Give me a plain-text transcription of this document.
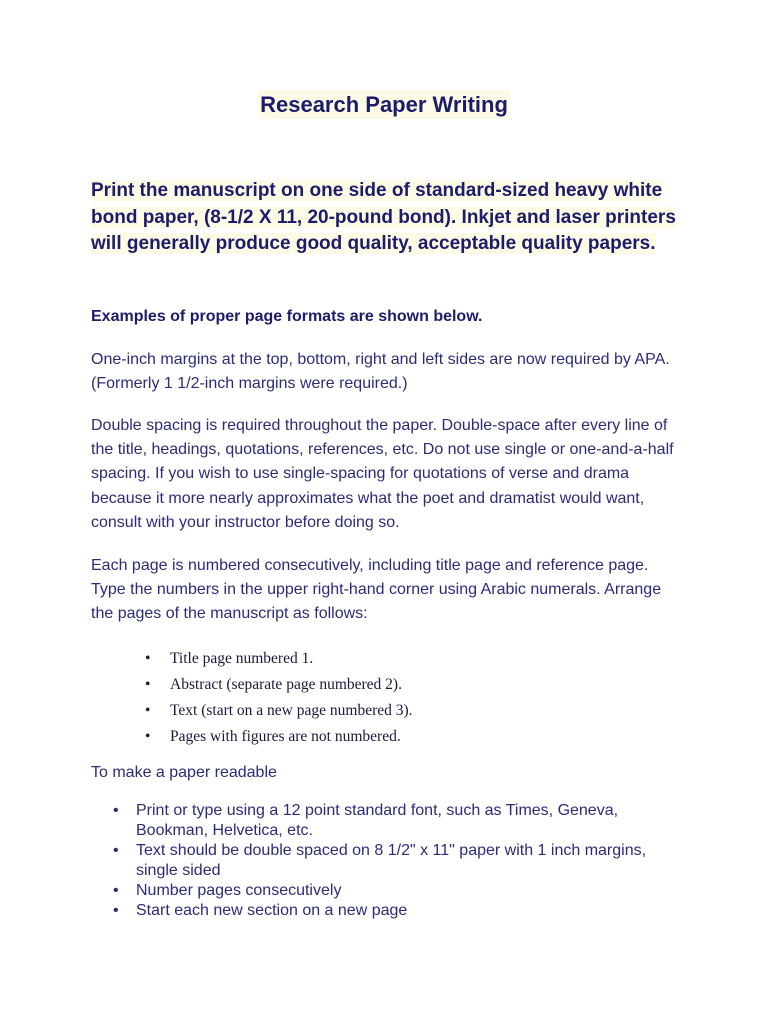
Research Paper Writing

Print the manuscript on one side of standard-sized heavy white bond paper, (8-1/2 X 11, 20-pound bond). Inkjet and laser printers will generally produce good quality, acceptable quality papers.

Examples of proper page formats are shown below.

One-inch margins at the top, bottom, right and left sides are now required by APA. (Formerly 1 1/2-inch margins were required.)

Double spacing is required throughout the paper. Double-space after every line of the title, headings, quotations, references, etc. Do not use single or one-and-a-half spacing. If you wish to use single-spacing for quotations of verse and drama because it more nearly approximates what the poet and dramatist would want, consult with your instructor before doing so.

Each page is numbered consecutively, including title page and reference page. Type the numbers in the upper right-hand corner using Arabic numerals. Arrange the pages of the manuscript as follows:

• Title page numbered 1.
• Abstract (separate page numbered 2).
• Text (start on a new page numbered 3).
• Pages with figures are not numbered.

To make a paper readable

• Print or type using a 12 point standard font, such as Times, Geneva, Bookman, Helvetica, etc.
• Text should be double spaced on 8 1/2" x 11" paper with 1 inch margins, single sided
• Number pages consecutively
• Start each new section on a new page
